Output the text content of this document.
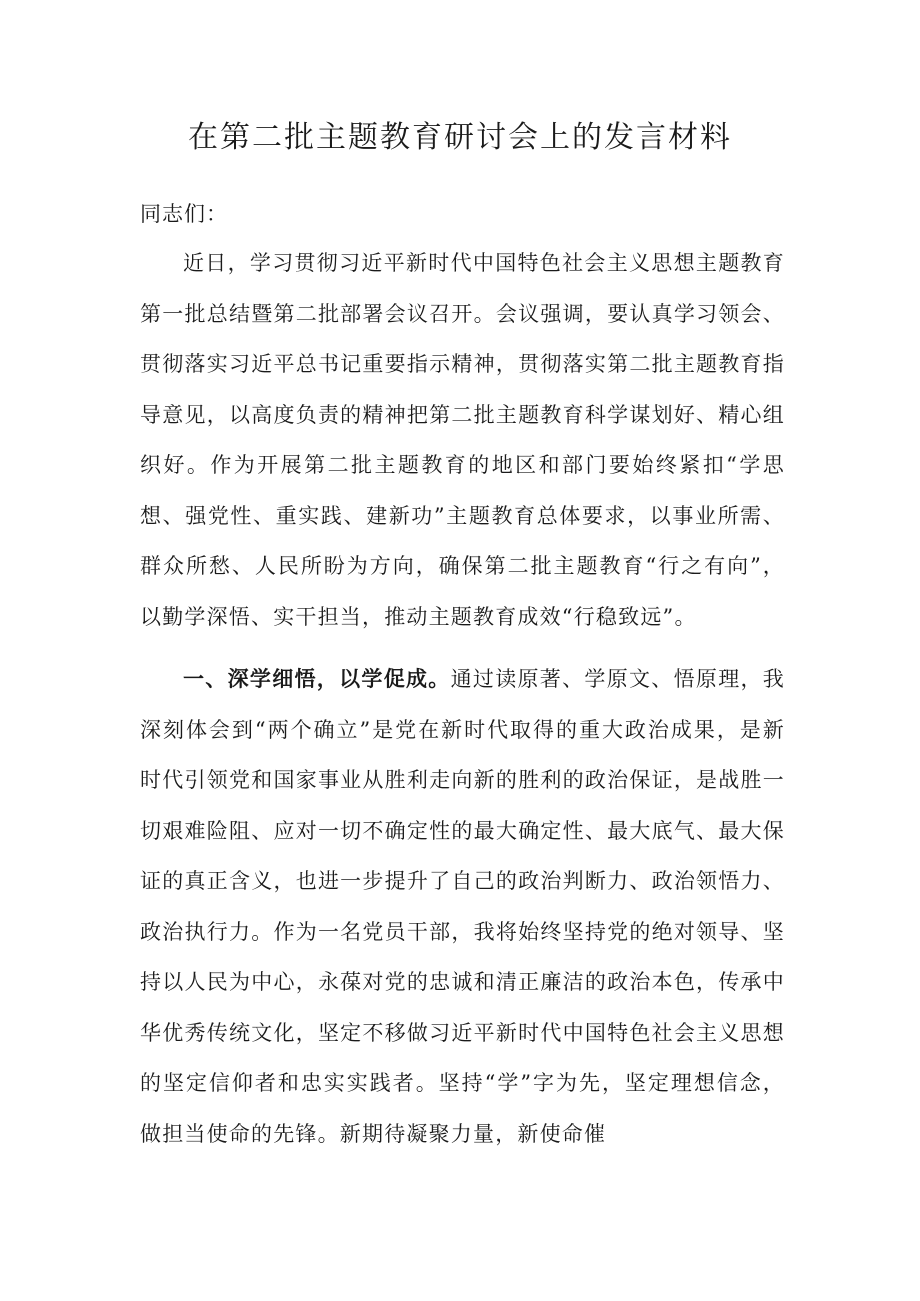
在第二批主题教育研讨会上的发言材料

同志们：

近日，学习贯彻习近平新时代中国特色社会主义思想主题教育第一批总结暨第二批部署会议召开。会议强调，要认真学习领会、贯彻落实习近平总书记重要指示精神，贯彻落实第二批主题教育指导意见，以高度负责的精神把第二批主题教育科学谋划好、精心组织好。作为开展第二批主题教育的地区和部门要始终紧扣“学思想、强党性、重实践、建新功”主题教育总体要求，以事业所需、群众所愁、人民所盼为方向，确保第二批主题教育“行之有向”，以勤学深悟、实干担当，推动主题教育成效“行稳致远”。

一、深学细悟，以学促成。通过读原著、学原文、悟原理，我深刻体会到“两个确立”是党在新时代取得的重大政治成果，是新时代引领党和国家事业从胜利走向新的胜利的政治保证，是战胜一切艰难险阻、应对一切不确定性的最大确定性、最大底气、最大保证的真正含义，也进一步提升了自己的政治判断力、政治领悟力、政治执行力。作为一名党员干部，我将始终坚持党的绝对领导、坚持以人民为中心，永葆对党的忠诚和清正廉洁的政治本色，传承中华优秀传统文化，坚定不移做习近平新时代中国特色社会主义思想的坚定信仰者和忠实实践者。坚持“学”字为先，坚定理想信念，做担当使命的先锋。新期待凝聚力量，新使命催
